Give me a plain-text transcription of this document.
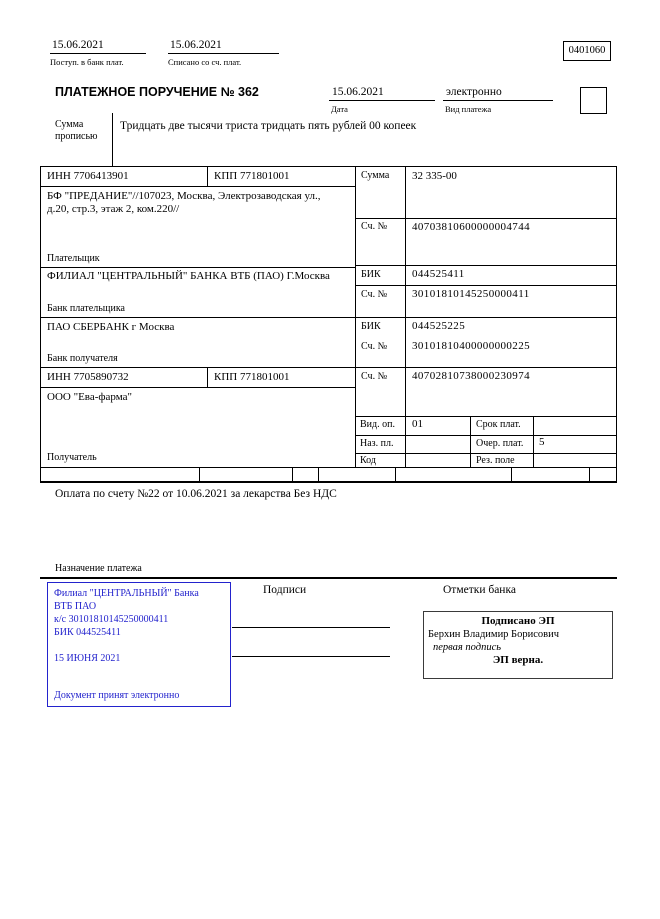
15.06.2021
Поступ. в банк плат.
15.06.2021
Списано со сч. плат.
0401060
ПЛАТЕЖНОЕ ПОРУЧЕНИЕ № 362	15.06.2021
Дата
электронно
Вид платежа
Сумма прописью
Тридцать две тысячи триста тридцать пять рублей 00 копеек
ИНН 7706413901	КПП 771801001
БФ "ПРЕДАНИЕ"//107023, Москва, Электрозаводская ул., д.20, стр.3, этаж 2, ком.220//
Плательщик
ФИЛИАЛ "ЦЕНТРАЛЬНЫЙ" БАНКА ВТБ (ПАО) Г.Москва
Банк плательщика
ПАО СБЕРБАНК г Москва
Банк получателя
ИНН 7705890732	КПП 771801001
ООО "Ева-фарма"
Получатель
Сумма 32 335-00
Сч. № 40703810600000004744
БИК	044525411
Сч. № 30101810145250000411
БИК	044525225
Сч. № 30101810400000000225
Сч. № 40702810738000230974
Вид. оп. 01	Срок плат.
Наз. пл.	Очер. плат. 5
Код	Рез. поле
Оплата по счету №22 от 10.06.2021 за лекарства Без НДС
Назначение платежа
Филиал "ЦЕНТРАЛЬНЫЙ" Банка
ВТБ ПАО
к/с 30101810145250000411
БИК 044525411
15 ИЮНЯ 2021
Документ принят электронно
Подписи	Отметки банка
Подписано ЭП
Берхин Владимир Борисович
первая подпись
ЭП верна.
